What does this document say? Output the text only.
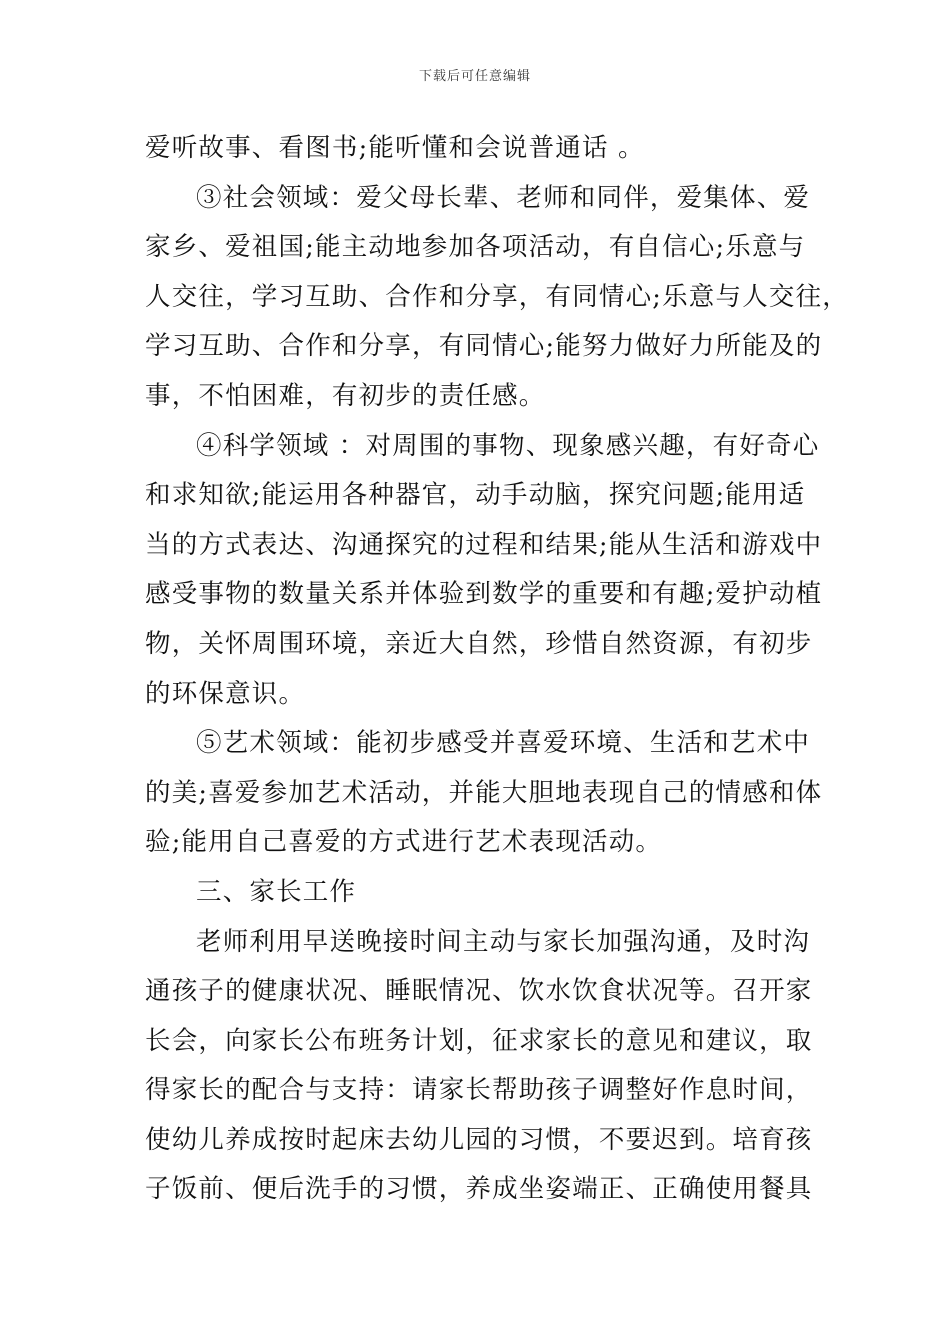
下载后可任意编辑
爱听故事、看图书;能听懂和会说普通话 。
③社会领域：爱父母长辈、老师和同伴，爱集体、爱
家乡、爱祖国;能主动地参加各项活动，有自信心;乐意与
人交往，学习互助、合作和分享，有同情心;乐意与人交往，
学习互助、合作和分享，有同情心;能努力做好力所能及的
事，不怕困难，有初步的责任感。
④科学领域 ：对周围的事物、现象感兴趣，有好奇心
和求知欲;能运用各种器官，动手动脑，探究问题;能用适
当的方式表达、沟通探究的过程和结果;能从生活和游戏中
感受事物的数量关系并体验到数学的重要和有趣;爱护动植
物，关怀周围环境，亲近大自然，珍惜自然资源，有初步
的环保意识。
⑤艺术领域：能初步感受并喜爱环境、生活和艺术中
的美;喜爱参加艺术活动，并能大胆地表现自己的情感和体
验;能用自己喜爱的方式进行艺术表现活动。
三、家长工作
老师利用早送晚接时间主动与家长加强沟通，及时沟
通孩子的健康状况、睡眠情况、饮水饮食状况等。召开家
长会，向家长公布班务计划，征求家长的意见和建议，取
得家长的配合与支持：请家长帮助孩子调整好作息时间，
使幼儿养成按时起床去幼儿园的习惯，不要迟到。培育孩
子饭前、便后洗手的习惯，养成坐姿端正、正确使用餐具
